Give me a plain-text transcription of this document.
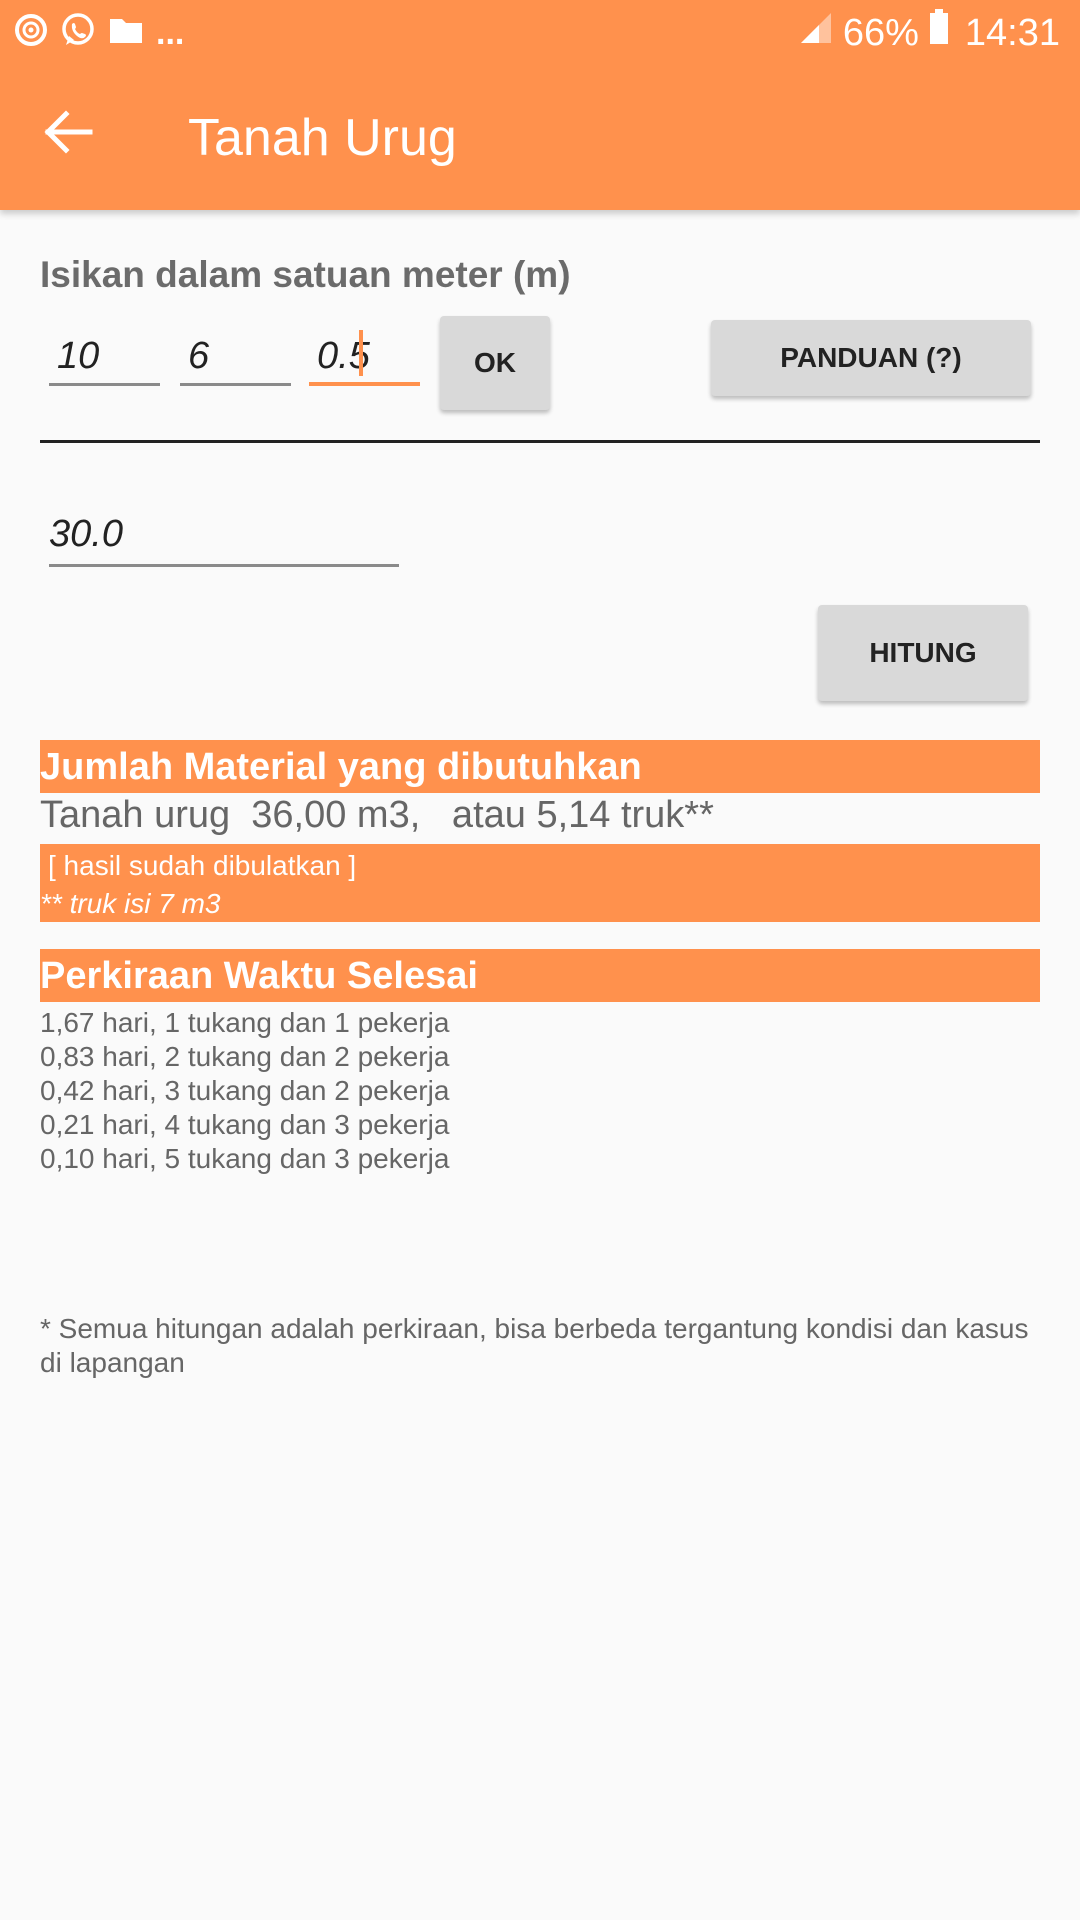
...	66% 14:31
Tanah Urug
Isikan dalam satuan meter (m)
10
6
0.5
OK	PANDUAN (?)
30.0
HITUNG
Jumlah Material yang dibutuhkan
Tanah urug  36,00 m3,   atau 5,14 truk**
[ hasil sudah dibulatkan ]
** truk isi 7 m3
Perkiraan Waktu Selesai
1,67 hari, 1 tukang dan 1 pekerja
0,83 hari, 2 tukang dan 2 pekerja
0,42 hari, 3 tukang dan 2 pekerja
0,21 hari, 4 tukang dan 3 pekerja
0,10 hari, 5 tukang dan 3 pekerja
* Semua hitungan adalah perkiraan, bisa berbeda tergantung kondisi dan kasus di lapangan
